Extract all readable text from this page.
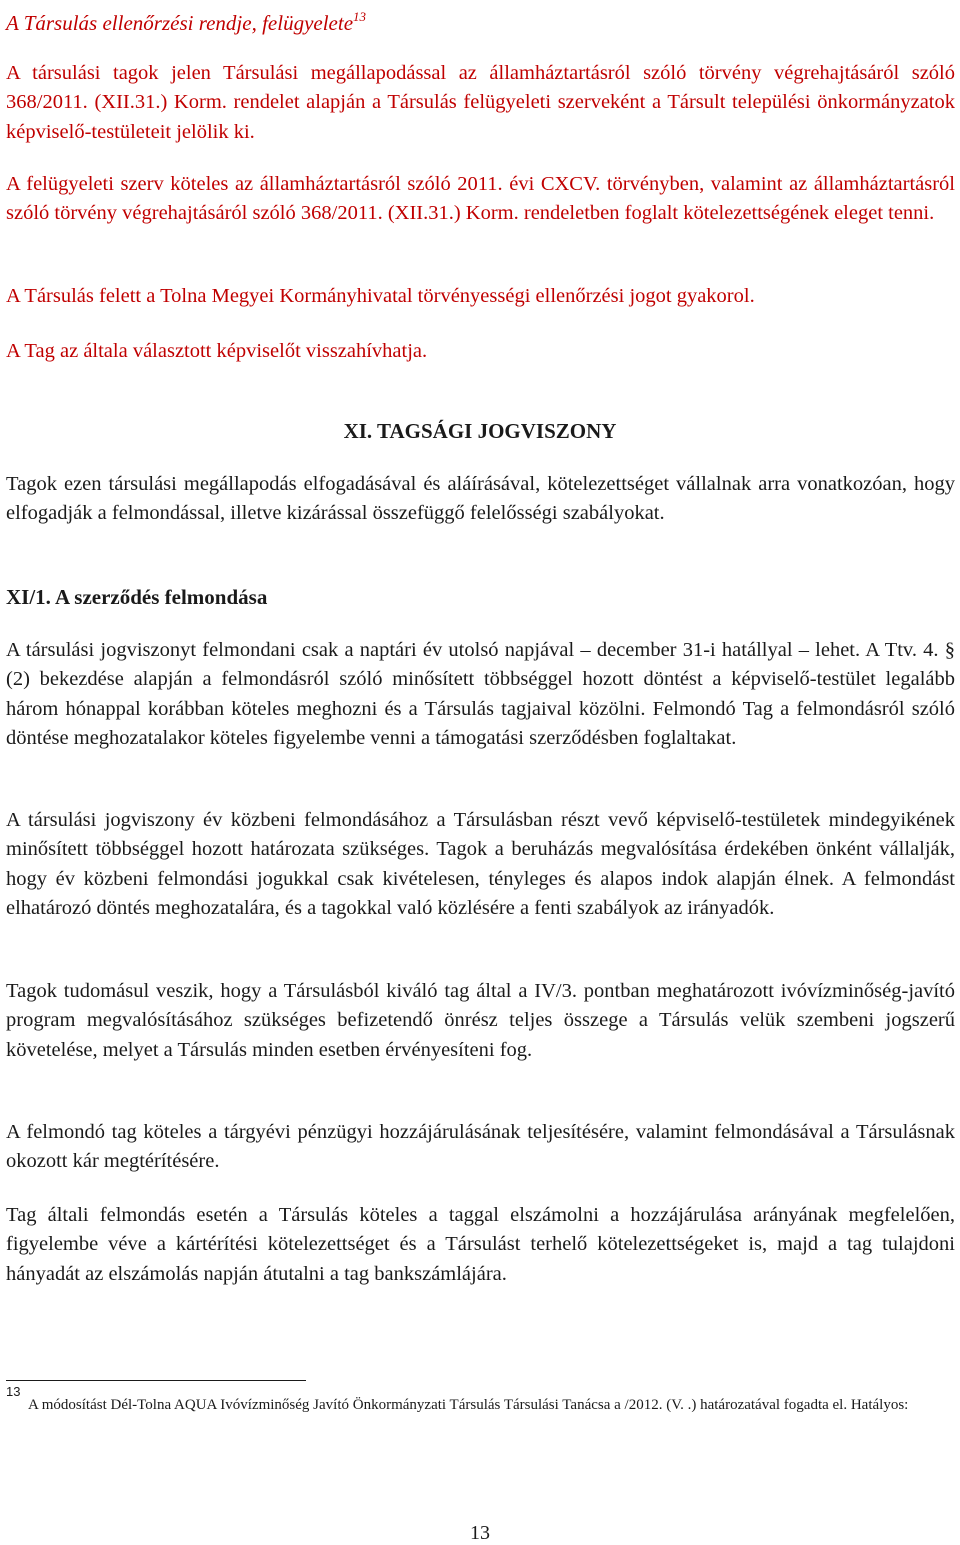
A Társulás ellenőrzési rendje, felügyelete$^{13}$

A társulási tagok jelen Társulási megállapodással az államháztartásról szóló törvény végrehajtásáról szóló 368/2011. (XII.31.) Korm. rendelet alapján a Társulás felügyeleti szerveként a Társult települési önkormányzatok képviselő-testületeit jelölik ki.

A felügyeleti szerv köteles az államháztartásról szóló 2011. évi CXCV. törvényben, valamint az államháztartásról szóló törvény végrehajtásáról szóló 368/2011. (XII.31.) Korm. rendeletben foglalt kötelezettségének eleget tenni.

A Társulás felett a Tolna Megyei Kormányhivatal törvényességi ellenőrzési jogot gyakorol.

A Tag az általa választott képviselőt visszahívhatja.

XI. TAGSÁGI JOGVISZONY

Tagok ezen társulási megállapodás elfogadásával és aláírásával, kötelezettséget vállalnak arra vonatkozóan, hogy elfogadják a felmondással, illetve kizárással összefüggő felelősségi szabályokat.

XI/1. A szerződés felmondása

A társulási jogviszonyt felmondani csak a naptári év utolsó napjával – december 31-i hatállyal – lehet. A Ttv. 4. § (2) bekezdése alapján a felmondásról szóló minősített többséggel hozott döntést a képviselő-testület legalább három hónappal korábban köteles meghozni és a Társulás tagjaival közölni. Felmondó Tag a felmondásról szóló döntése meghozatalakor köteles figyelembe venni a támogatási szerződésben foglaltakat.

A társulási jogviszony év közbeni felmondásához a Társulásban részt vevő képviselő-testületek mindegyikének minősített többséggel hozott határozata szükséges. Tagok a beruházás megvalósítása érdekében önként vállalják, hogy év közbeni felmondási jogukkal csak kivételesen, tényleges és alapos indok alapján élnek. A felmondást elhatározó döntés meghozatalára, és a tagokkal való közlésére a fenti szabályok az irányadók.

Tagok tudomásul veszik, hogy a Társulásból kiváló tag által a IV/3. pontban meghatározott ivóvízminőség-javító program megvalósításához szükséges befizetendő önrész teljes összege a Társulás velük szembeni jogszerű követelése, melyet a Társulás minden esetben érvényesíteni fog.

A felmondó tag köteles a tárgyévi pénzügyi hozzájárulásának teljesítésére, valamint felmondásával a Társulásnak okozott kár megtérítésére.

Tag általi felmondás esetén a Társulás köteles a taggal elszámolni a hozzájárulása arányának megfelelően, figyelembe véve a kártérítési kötelezettséget és a Társulást terhelő kötelezettségeket is, majd a tag tulajdoni hányadát az elszámolás napján átutalni a tag bankszámlájára.

13
A módosítást Dél-Tolna AQUA Ivóvízminőség Javító Önkormányzati Társulás Társulási Tanácsa a /2012. (V. .) határozatával fogadta el. Hatályos:
13
